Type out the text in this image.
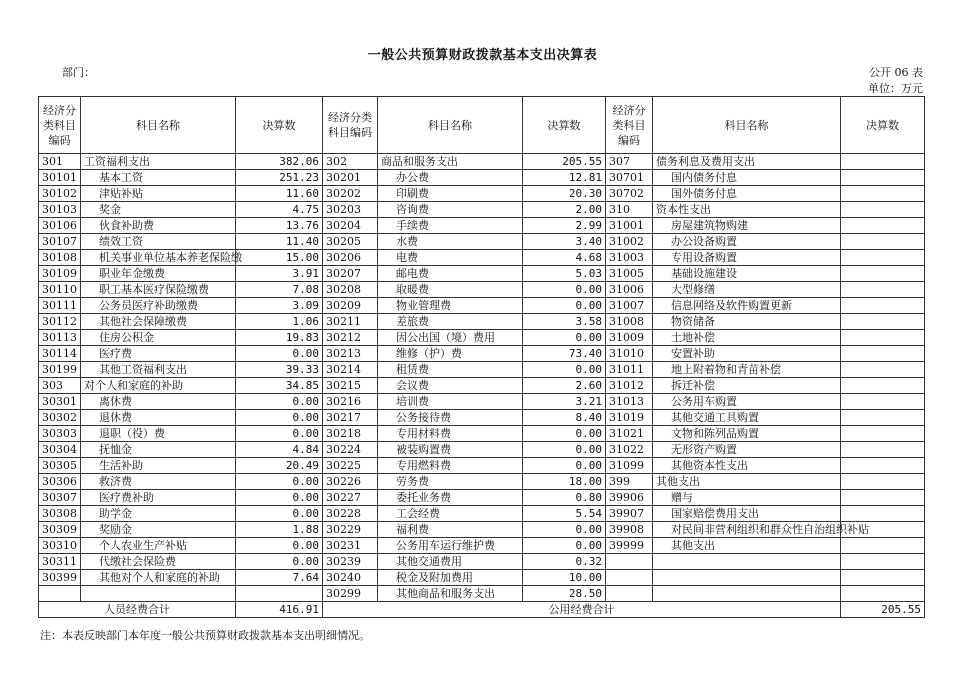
一般公共预算财政拨款基本支出决算表
部门：	公开 06 表
单位：万元
经济分类科目编码	科目名称	决算数	经济分类科目编码	科目名称	决算数	经济分类科目编码	科目名称	决算数
301	工资福利支出	382.06	302	商品和服务支出	205.55	307	债务利息及费用支出	
30101	基本工资	251.23	30201	办公费	12.81	30701	国内债务付息	
30102	津贴补贴	11.60	30202	印刷费	20.30	30702	国外债务付息	
30103	奖金	4.75	30203	咨询费	2.00	310	资本性支出	
30106	伙食补助费	13.76	30204	手续费	2.99	31001	房屋建筑物购建	
30107	绩效工资	11.40	30205	水费	3.40	31002	办公设备购置	
30108	机关事业单位基本养老保险缴	15.00	30206	电费	4.68	31003	专用设备购置	
30109	职业年金缴费	3.91	30207	邮电费	5.03	31005	基础设施建设	
30110	职工基本医疗保险缴费	7.08	30208	取暖费	0.00	31006	大型修缮	
30111	公务员医疗补助缴费	3.09	30209	物业管理费	0.00	31007	信息网络及软件购置更新	
30112	其他社会保障缴费	1.06	30211	差旅费	3.58	31008	物资储备	
30113	住房公积金	19.83	30212	因公出国（境）费用	0.00	31009	土地补偿	
30114	医疗费	0.00	30213	维修（护）费	73.40	31010	安置补助	
30199	其他工资福利支出	39.33	30214	租赁费	0.00	31011	地上附着物和青苗补偿	
303	对个人和家庭的补助	34.85	30215	会议费	2.60	31012	拆迁补偿	
30301	离休费	0.00	30216	培训费	3.21	31013	公务用车购置	
30302	退休费	0.00	30217	公务接待费	8.40	31019	其他交通工具购置	
30303	退职（役）费	0.00	30218	专用材料费	0.00	31021	文物和陈列品购置	
30304	抚恤金	4.84	30224	被装购置费	0.00	31022	无形资产购置	
30305	生活补助	20.49	30225	专用燃料费	0.00	31099	其他资本性支出	
30306	救济费	0.00	30226	劳务费	18.00	399	其他支出	
30307	医疗费补助	0.00	30227	委托业务费	0.80	39906	赠与	
30308	助学金	0.00	30228	工会经费	5.54	39907	国家赔偿费用支出	
30309	奖励金	1.88	30229	福利费	0.00	39908	对民间非营利组织和群众性自治组织补贴	
30310	个人农业生产补贴	0.00	30231	公务用车运行维护费	0.00	39999	其他支出	
30311	代缴社会保险费	0.00	30239	其他交通费用	0.32			
30399	其他对个人和家庭的补助	7.64	30240	税金及附加费用	10.00			
			30299	其他商品和服务支出	28.50			
人员经费合计		416.91	公用经费合计					205.55
注：本表反映部门本年度一般公共预算财政拨款基本支出明细情况。
